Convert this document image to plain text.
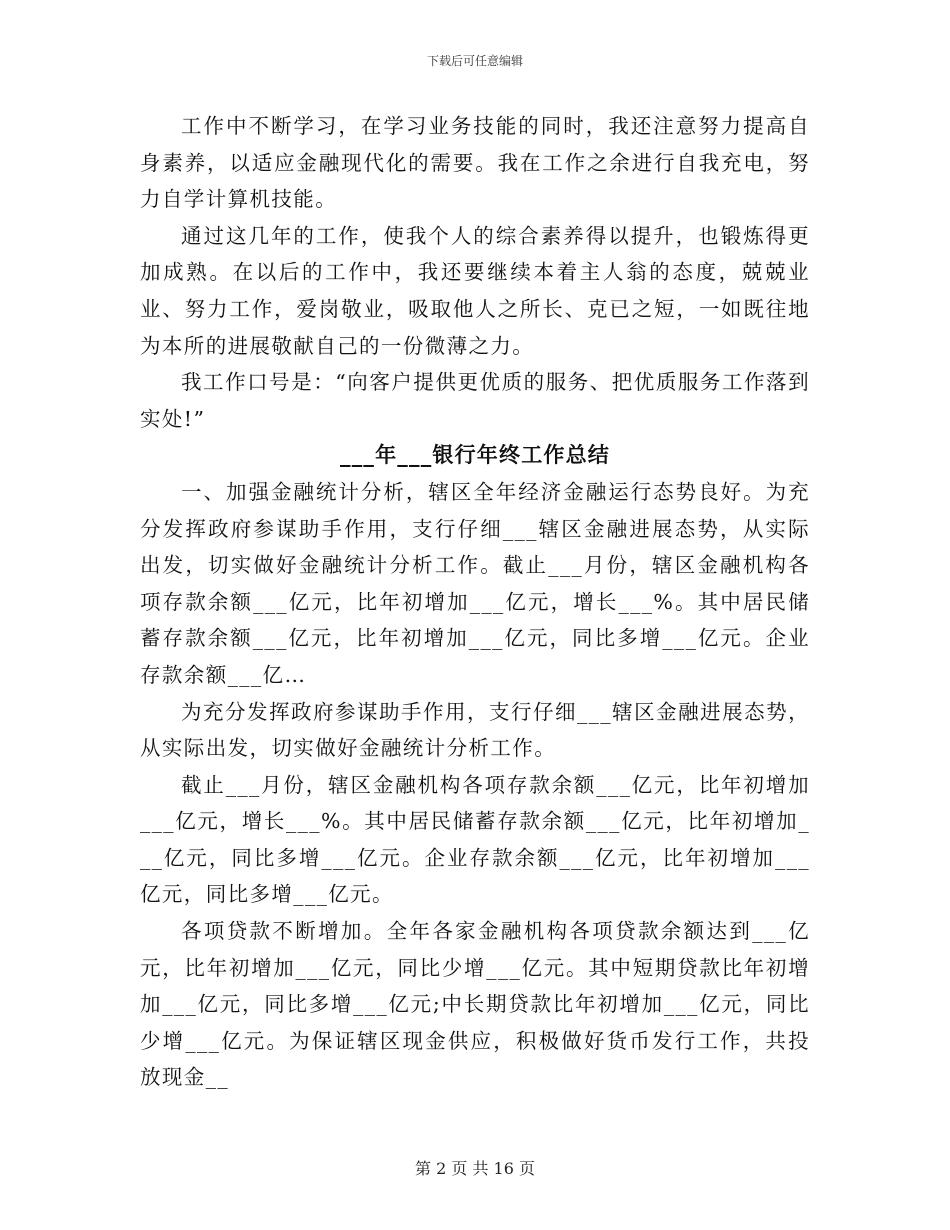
下载后可任意编辑

工作中不断学习，在学习业务技能的同时，我还注意努力提高自身素养，以适应金融现代化的需要。我在工作之余进行自我充电，努力自学计算机技能。

通过这几年的工作，使我个人的综合素养得以提升，也锻炼得更加成熟。在以后的工作中，我还要继续本着主人翁的态度，兢兢业业、努力工作，爱岗敬业，吸取他人之所长、克已之短，一如既往地为本所的进展敬献自己的一份微薄之力。

我工作口号是：“向客户提供更优质的服务、把优质服务工作落到实处!”

___年___银行年终工作总结

一、加强金融统计分析，辖区全年经济金融运行态势良好。为充分发挥政府参谋助手作用，支行仔细___辖区金融进展态势，从实际出发，切实做好金融统计分析工作。截止___月份，辖区金融机构各项存款余额___亿元，比年初增加___亿元，增长___%。其中居民储蓄存款余额___亿元，比年初增加___亿元，同比多增___亿元。企业存款余额___亿…

为充分发挥政府参谋助手作用，支行仔细___辖区金融进展态势，从实际出发，切实做好金融统计分析工作。

截止___月份，辖区金融机构各项存款余额___亿元，比年初增加___亿元，增长___%。其中居民储蓄存款余额___亿元，比年初增加___亿元，同比多增___亿元。企业存款余额___亿元，比年初增加___亿元，同比多增___亿元。

各项贷款不断增加。全年各家金融机构各项贷款余额达到___亿元，比年初增加___亿元，同比少增___亿元。其中短期贷款比年初增加___亿元，同比多增___亿元;中长期贷款比年初增加___亿元，同比少增___亿元。为保证辖区现金供应，积极做好货币发行工作，共投放现金__

第 2 页 共 16 页
